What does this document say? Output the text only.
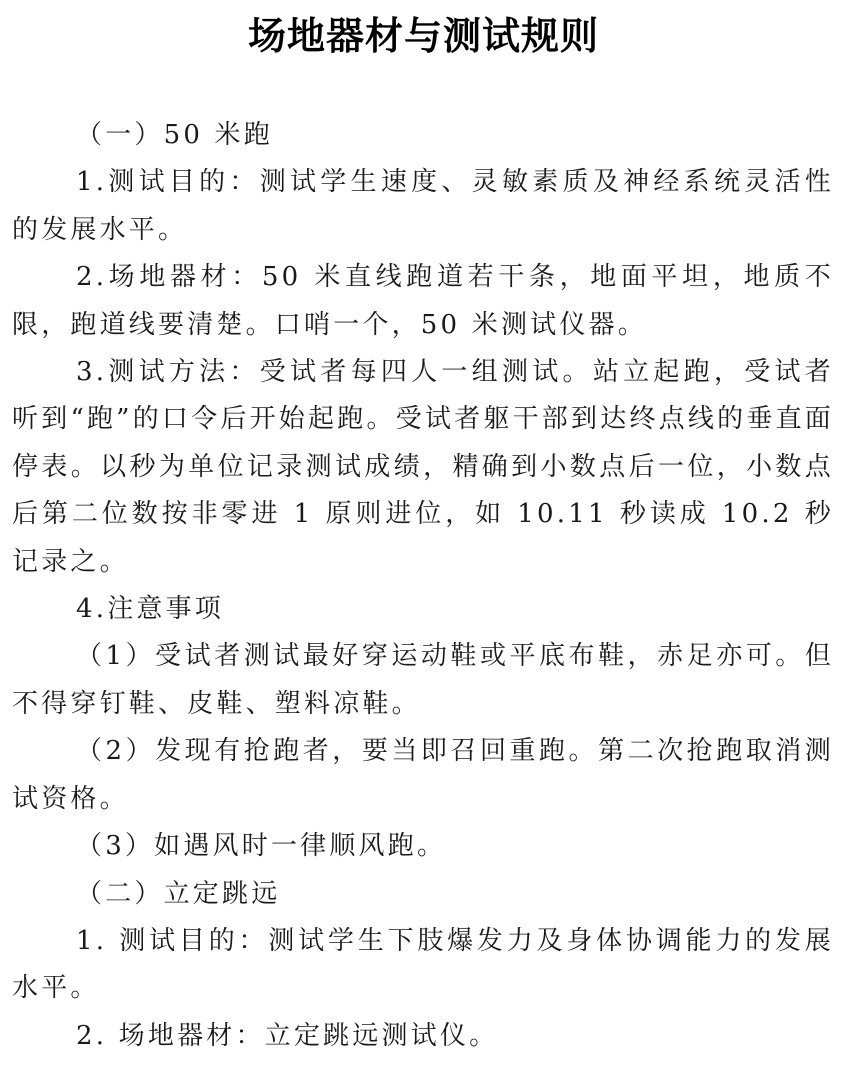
场地器材与测试规则

（一）50 米跑

1.测试目的：测试学生速度、灵敏素质及神经系统灵活性的发展水平。

2.场地器材：50 米直线跑道若干条，地面平坦，地质不限，跑道线要清楚。口哨一个，50 米测试仪器。

3.测试方法：受试者每四人一组测试。站立起跑，受试者听到“跑”的口令后开始起跑。受试者躯干部到达终点线的垂直面停表。以秒为单位记录测试成绩，精确到小数点后一位，小数点后第二位数按非零进 1 原则进位，如 10.11 秒读成 10.2 秒记录之。

4.注意事项

（1）受试者测试最好穿运动鞋或平底布鞋，赤足亦可。但不得穿钉鞋、皮鞋、塑料凉鞋。

（2）发现有抢跑者，要当即召回重跑。第二次抢跑取消测试资格。

（3）如遇风时一律顺风跑。

（二）立定跳远

1. 测试目的：测试学生下肢爆发力及身体协调能力的发展水平。

2. 场地器材：立定跳远测试仪。
